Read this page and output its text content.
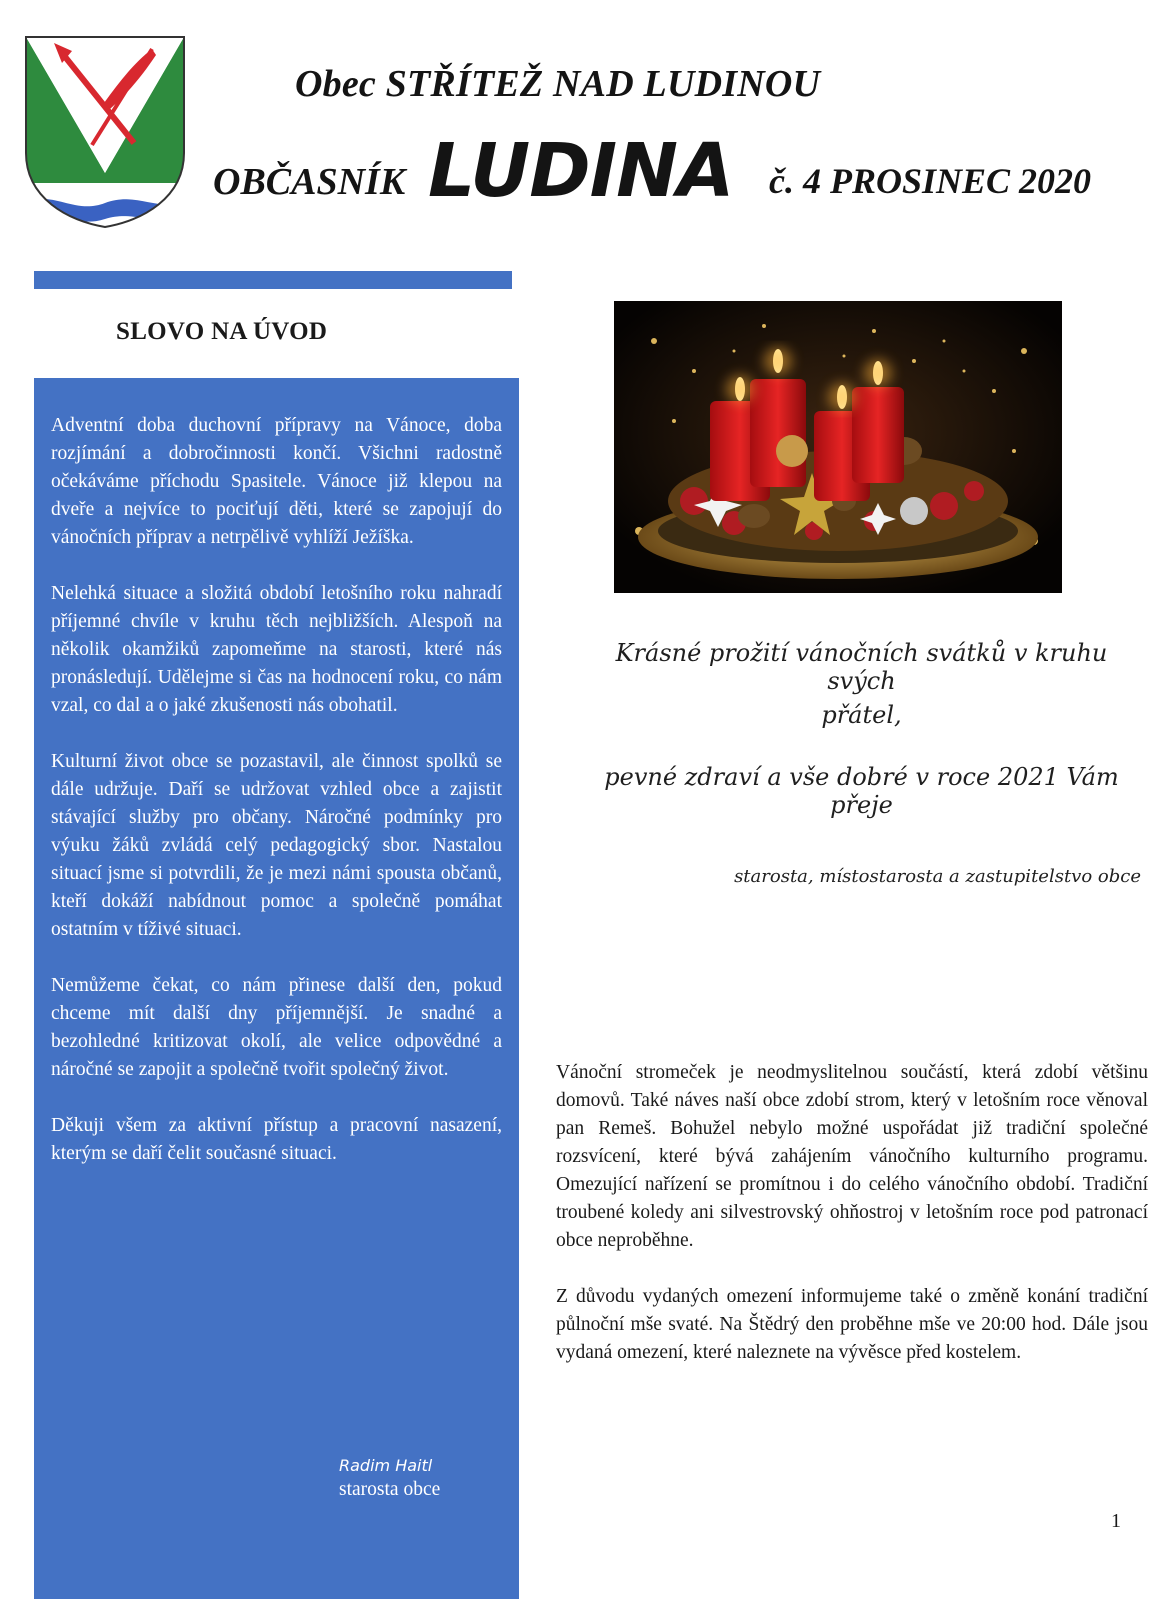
Obec STŘÍTEŽ NAD LUDINOU
OBČASNÍK LUDINA č. 4 PROSINEC 2020
SLOVO NA ÚVOD

Adventní doba duchovní přípravy na Vánoce, doba rozjímání a dobročinnosti končí. Všichni radostně očekáváme příchodu Spasitele. Vánoce již klepou na dveře a nejvíce to pociťují děti, které se zapojují do vánočních příprav a netrpělivě vyhlíží Ježíška.

Nelehká situace a složitá období letošního roku nahradí příjemné chvíle v kruhu těch nejbližších. Alespoň na několik okamžiků zapomeňme na starosti, které nás pronásledují. Udělejme si čas na hodnocení roku, co nám vzal, co dal a o jaké zkušenosti nás obohatil.

Kulturní život obce se pozastavil, ale činnost spolků se dále udržuje. Daří se udržovat vzhled obce a zajistit stávající služby pro občany. Náročné podmínky pro výuku žáků zvládá celý pedagogický sbor. Nastalou situací jsme si potvrdili, že je mezi námi spousta občanů, kteří dokáží nabídnout pomoc a společně pomáhat ostatním v tíživé situaci.

Nemůžeme čekat, co nám přinese další den, pokud chceme mít další dny příjemnější. Je snadné a bezohledné kritizovat okolí, ale velice odpovědné a náročné se zapojit a společně tvořit společný život.

Děkuji všem za aktivní přístup a pracovní nasazení, kterým se daří čelit současné situaci.

Radim Haitl
starosta obce
Krásné prožití vánočních svátků v kruhu svých
přátel,
pevné zdraví a vše dobré v roce 2021 Vám přeje
starosta, místostarosta a zastupitelstvo obce

Vánoční stromeček je neodmyslitelnou součástí, která zdobí většinu domovů. Také náves naší obce zdobí strom, který v letošním roce věnoval pan Remeš. Bohužel nebylo možné uspořádat již tradiční společné rozsvícení, které bývá zahájením vánočního kulturního programu. Omezující nařízení se promítnou i do celého vánočního období. Tradiční troubené koledy ani silvestrovský ohňostroj v letošním roce pod patronací obce neproběhne.

Z důvodu vydaných omezení informujeme také o změně konání tradiční půlnoční mše svaté. Na Štědrý den proběhne mše ve 20:00 hod. Dále jsou vydaná omezení, které naleznete na vývěsce před kostelem.

1
